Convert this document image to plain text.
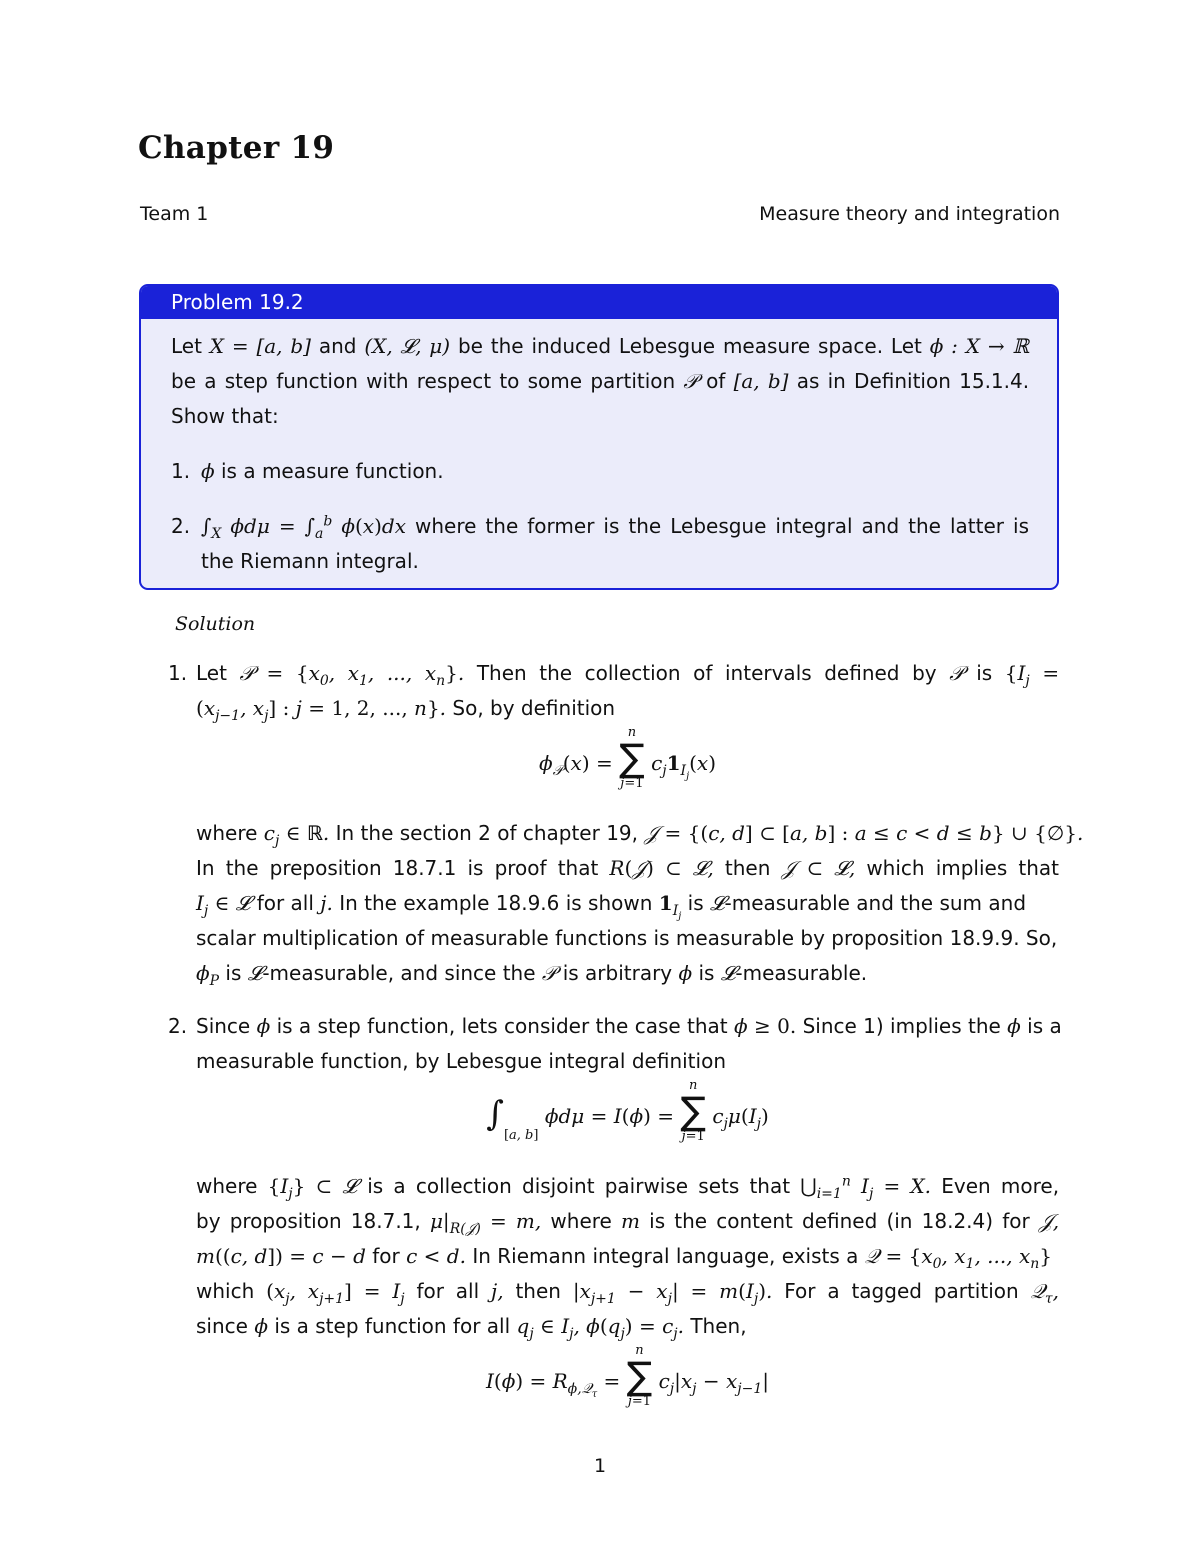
Chapter 19
Team 1	Measure theory and integration
Problem 19.2
Let X = [a, b] and (X, 𝓛, μ) be the induced Lebesgue measure space. Let ϕ : X → ℝ
be a step function with respect to some partition 𝒫 of [a, b] as in Definition 15.1.4.
Show that:
1. ϕ is a measure function.
2. $\int_X$ $\phi d\mu = \int_a^b$ ϕ(x)dx where the former is the Lebesgue integral and the latter is
the Riemann integral.
Solution
1. Let 𝒫 = {$x_0$, $x_1$, ..., $x_n$}. Then the collection of intervals defined by 𝒫 is {$I_j$ =
($x_{j-1}$, $x_j$] : j = 1, 2, ..., n}. So, by definition
$\phi_𝒫(x)$ =
n
∑
j=1
$c_j1_{I_j}(x)$
where $c_j$ ∈ ℝ. In the section 2 of chapter 19, 𝒥 = {(c, d] ⊂ [a, b] : a ≤ c < d ≤ b} ∪ {∅}.
In the preposition 18.7.1 is proof that R(𝒥) ⊂ 𝓛, then 𝒥 ⊂ 𝓛, which implies that
$I_j$ ∈ 𝓛 for all j. In the example 18.9.6 is shown $1_{I_j}$ is 𝓛-measurable and the sum and
scalar multiplication of measurable functions is measurable by proposition 18.9.9. So,
$\phi_P$ is 𝓛-measurable, and since the 𝒫 is arbitrary ϕ is 𝓛-measurable.
2. Since ϕ is a step function, lets consider the case that ϕ ≥ 0. Since 1) implies the ϕ is a
measurable function, by Lebesgue integral definition
$\int_{[a, b]}$ ϕdμ = I(ϕ) =
n
∑
j=1
$c_j\mu(I_j)$
where $\{I_j\}$ ⊂ 𝓛 is a collection disjoint pairwise sets that $⋃_{i=1}^n$ $I_j = X$. Even more,
by proposition 18.7.1, $\mu|_{R(𝒥)} = m$, where m is the content defined (in 18.2.4) for 𝒥,
m((c, d]) = c − d for c < d. In Riemann integral language, exists a 𝒬 = {$x_0$, $x_1$, ..., $x_n$}
which ($x_j$, $x_{j+1}] = I_j$ for all j, then $|x_{j+1} - x_j| = m(I_j)$. For a tagged partition 𝒬$_\tau$,
since ϕ is a step function for all $q_j$ ∈ $I_j$, $\phi(q_j) = c_j$. Then,
$I(\phi) = R_{\phi,𝒬_\tau}$ =
n
∑
j=1
$c_j|x_j - x_{j-1}|$
1
